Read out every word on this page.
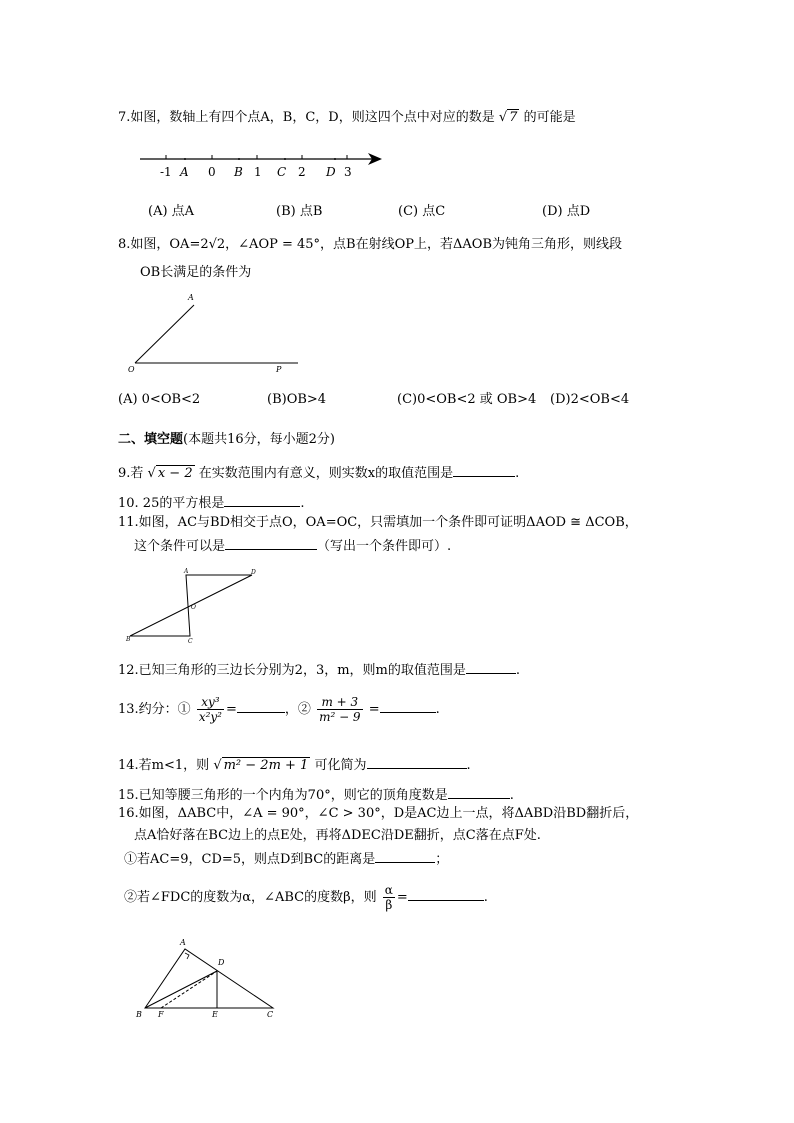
7.如图，数轴上有四个点A，B，C，D，则这四个点中对应的数是 √ 7 的可能是
-1 A 0 B 1 C 2 D 3
(A) 点A	(B) 点B	(C) 点C	(D) 点D
8.如图，OA=2√2，∠AOP = 45°，点B在射线OP上，若ΔAOB为钝角三角形，则线段
OB长满足的条件为
A
O	P
(A) 0<OB<2	(B)OB>4	(C)0<OB<2 或 OB>4 (D)2<OB<4
二、填空题(本题共16分，每小题2分)
9.若 √ x − 2 在实数范围内有意义，则实数x的取值范围是	.
10. 25的平方根是	.
11.如图，AC与BD相交于点O，OA=OC，只需填加一个条件即可证明ΔAOD ≅ ΔCOB，
这个条件可以是	（写出一个条件即可）.
A	D
O
B	C
12.已知三角形的三边长分别为2，3，m，则m的取值范围是	.
13.约分：① $\frac{\text{xy³}}{\text{x²y²}}$ =	，② $\frac{m + 3}{\text{m² − 9}}$ =	.
14.若m<1，则 √ m² − 2m + 1 可化简为	.
15.已知等腰三角形的一个内角为70°，则它的顶角度数是	.
16.如图，ΔABC中，∠A = 90°，∠C > 30°，D是AC边上一点，将ΔABD沿BD翻折后，
点A恰好落在BC边上的点E处，再将ΔDEC沿DE翻折，点C落在点F处.
①若AC=9，CD=5，则点D到BC的距离是	；
②若∠FDC的度数为α，∠ABC的度数β，则 $\frac{\alpha}{\beta}$ =	.
A
D
B F	E	C
